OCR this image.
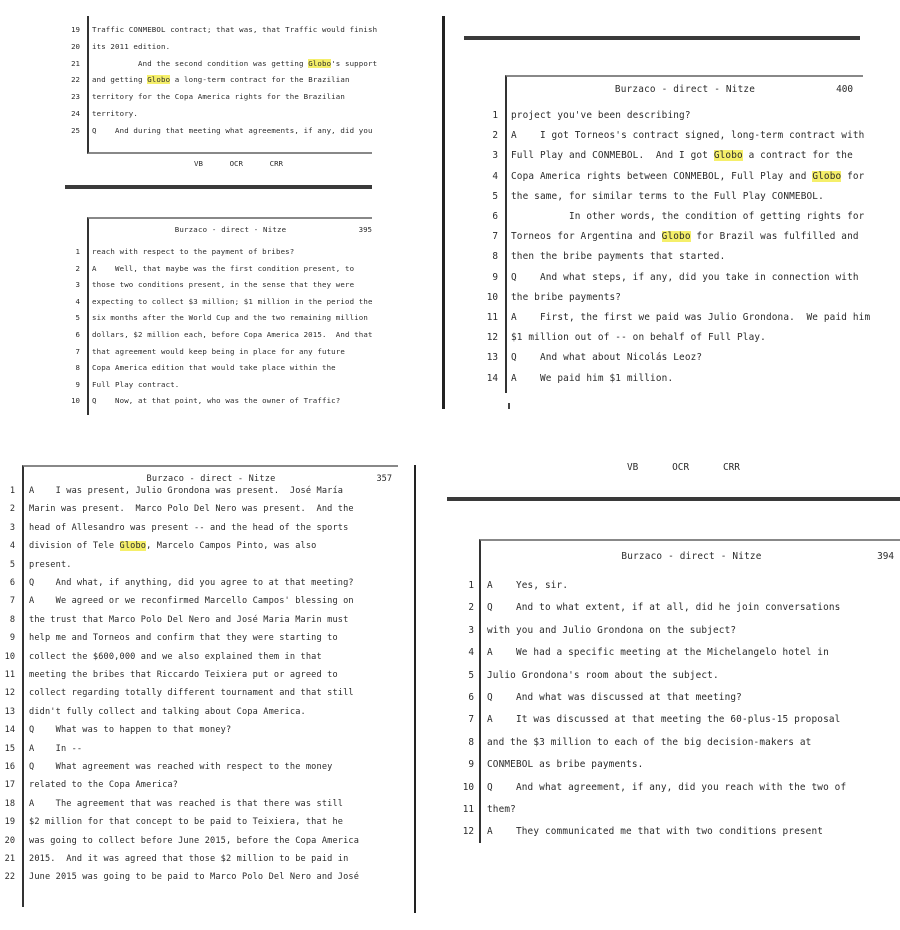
VB      OCR      CRR
Burzaco - direct - Nitze	395
19 Traffic CONMEBOL contract; that was, that Traffic would finish
20 its 2011 edition.
21 And the second condition was getting Globo's support
22 and getting Globo a long-term contract for the Brazilian
23 territory for the Copa America rights for the Brazilian
24 territory.
25 Q    And during that meeting what agreements, if any, did you
1 reach with respect to the payment of bribes?
2 A    Well, that maybe was the first condition present, to
3 those two conditions present, in the sense that they were
4 expecting to collect $3 million; $1 million in the period the
5 six months after the World Cup and the two remaining million
6 dollars, $2 million each, before Copa America 2015.  And that
7 that agreement would keep being in place for any future
8 Copa America edition that would take place within the
9 Full Play contract.
10 Q    Now, at that point, who was the owner of Traffic?
Burzaco - direct - Nitze	400
1 project you've been describing?
2 A    I got Torneos's contract signed, long-term contract with
3 Full Play and CONMEBOL.  And I got Globo a contract for the
4 Copa America rights between CONMEBOL, Full Play and Globo for
5 the same, for similar terms to the Full Play CONMEBOL.
6 In other words, the condition of getting rights for
7 Torneos for Argentina and Globo for Brazil was fulfilled and
8 then the bribe payments that started.
9 Q    And what steps, if any, did you take in connection with
10 the bribe payments?
11 A    First, the first we paid was Julio Grondona.  We paid him
12 $1 million out of -- on behalf of Full Play.
13 Q    And what about Nicolás Leoz?
14 A    We paid him $1 million.
Burzaco - direct - Nitze	357
1 A    I was present, Julio Grondona was present.  José María
2 Marin was present.  Marco Polo Del Nero was present.  And the
3 head of Allesandro was present -- and the head of the sports
4 division of Tele Globo, Marcelo Campos Pinto, was also
5 present.
6 Q    And what, if anything, did you agree to at that meeting?
7 A    We agreed or we reconfirmed Marcello Campos' blessing on
8 the trust that Marco Polo Del Nero and José Maria Marin must
9 help me and Torneos and confirm that they were starting to
10 collect the $600,000 and we also explained them in that
11 meeting the bribes that Riccardo Teixiera put or agreed to
12 collect regarding totally different tournament and that still
13 didn't fully collect and talking about Copa America.
14 Q    What was to happen to that money?
15 A    In --
16 Q    What agreement was reached with respect to the money
17 related to the Copa America?
18 A    The agreement that was reached is that there was still
19 $2 million for that concept to be paid to Teixiera, that he
20 was going to collect before June 2015, before the Copa America
21 2015.  And it was agreed that those $2 million to be paid in
22 June 2015 was going to be paid to Marco Polo Del Nero and José
VB      OCR      CRR
Burzaco - direct - Nitze	394
1 A    Yes, sir.
2 Q    And to what extent, if at all, did he join conversations
3 with you and Julio Grondona on the subject?
4 A    We had a specific meeting at the Michelangelo hotel in
5 Julio Grondona's room about the subject.
6 Q    And what was discussed at that meeting?
7 A    It was discussed at that meeting the 60-plus-15 proposal
8 and the $3 million to each of the big decision-makers at
9 CONMEBOL as bribe payments.
10 Q    And what agreement, if any, did you reach with the two of
11 them?
12 A    They communicated me that with two conditions present
